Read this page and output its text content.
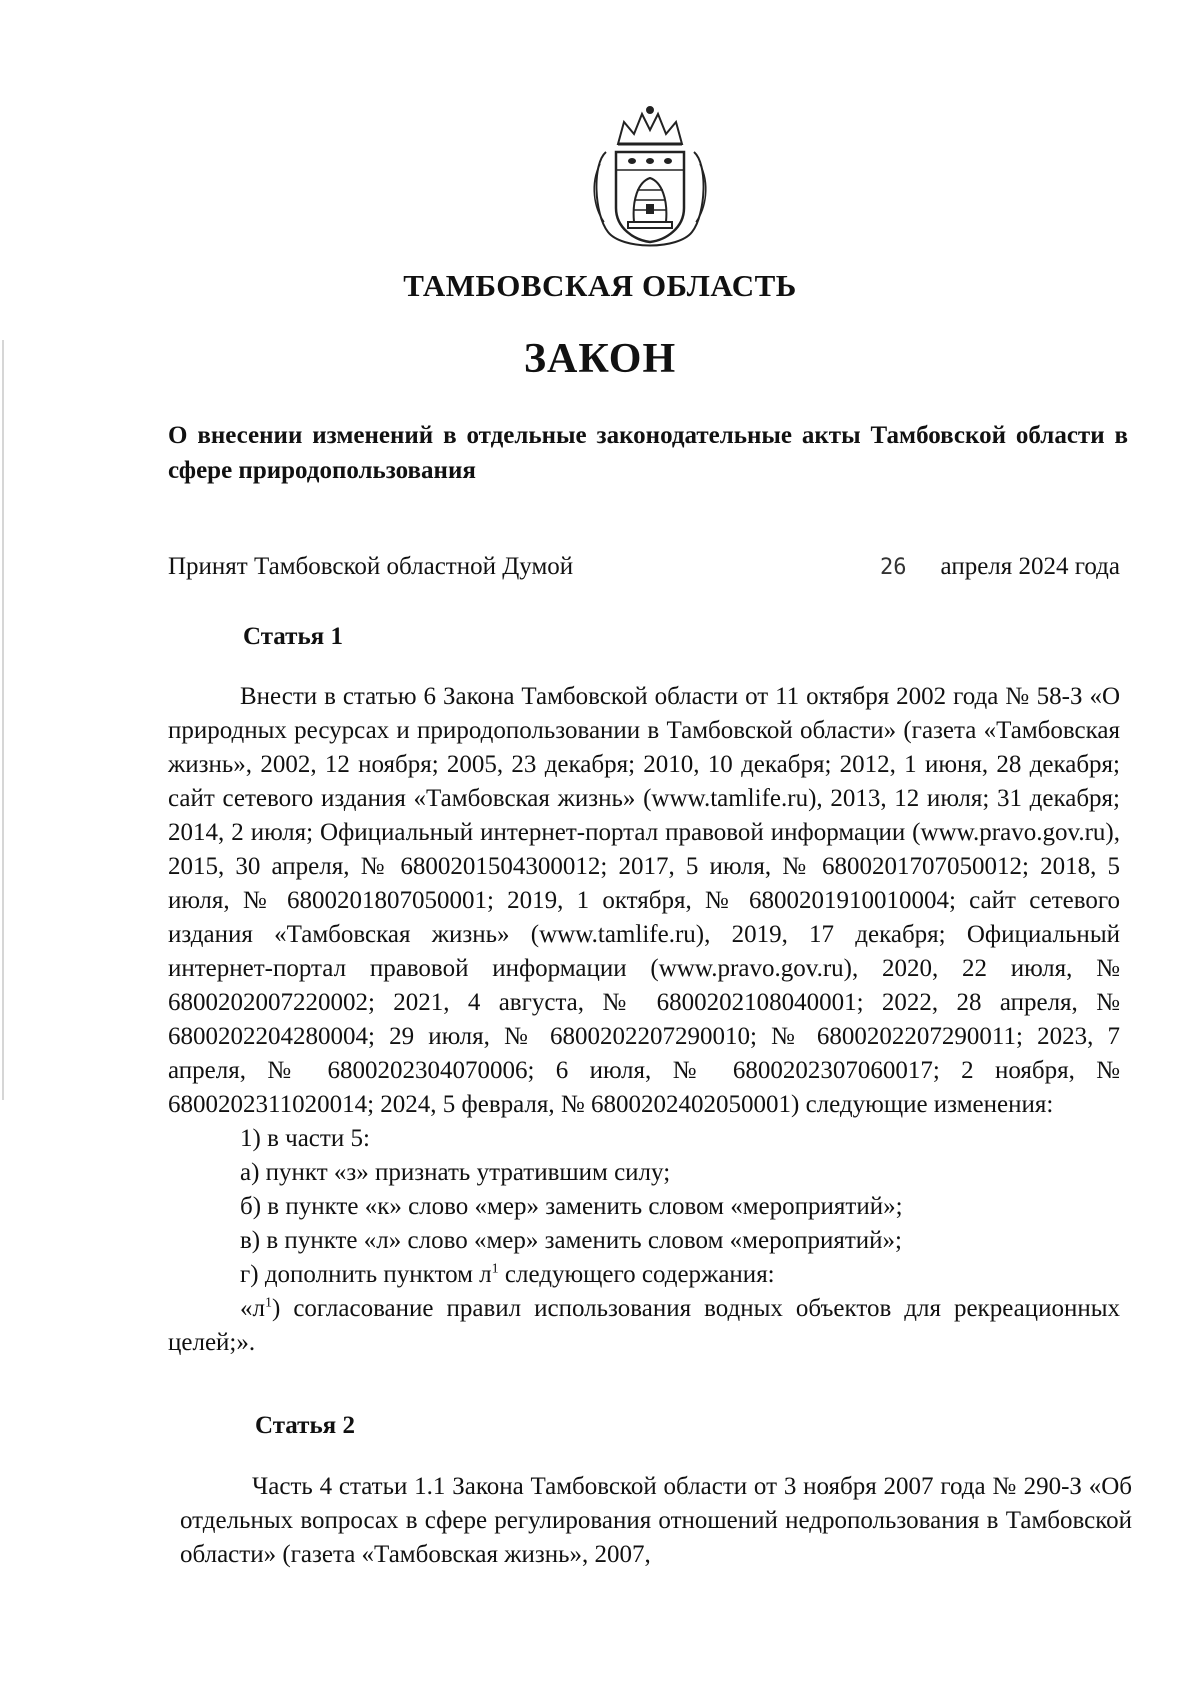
ТАМБОВСКАЯ ОБЛАСТЬ
ЗАКОН
О внесении изменений в отдельные законодательные акты Тамбовской области в сфере природопользования
Принят Тамбовской областной Думой	26 апреля 2024 года
Статья 1

Внести в статью 6 Закона Тамбовской области от 11 октября 2002 года № 58-З «О природных ресурсах и природопользовании в Тамбовской области» (газета «Тамбовская жизнь», 2002, 12 ноября; 2005, 23 декабря; 2010, 10 декабря; 2012, 1 июня, 28 декабря; сайт сетевого издания «Тамбовская жизнь» (www.tamlife.ru), 2013, 12 июля; 31 декабря; 2014, 2 июля; Официальный интернет-портал правовой информации (www.pravo.gov.ru), 2015, 30 апреля, № 6800201504300012; 2017, 5 июля, № 6800201707050012; 2018, 5 июля, № 6800201807050001; 2019, 1 октября, № 6800201910010004; сайт сетевого издания «Тамбовская жизнь» (www.tamlife.ru), 2019, 17 декабря; Официальный интернет-портал правовой информации (www.pravo.gov.ru), 2020, 22 июля, № 6800202007220002; 2021, 4 августа, № 6800202108040001; 2022, 28 апреля, № 6800202204280004; 29 июля, № 6800202207290010; № 6800202207290011; 2023, 7 апреля, № 6800202304070006; 6 июля, № 6800202307060017; 2 ноября, № 6800202311020014; 2024, 5 февраля, № 6800202402050001) следующие изменения:

1) в части 5:

а) пункт «з» признать утратившим силу;

б) в пункте «к» слово «мер» заменить словом «мероприятий»;

в) в пункте «л» слово «мер» заменить словом «мероприятий»;

г) дополнить пунктом $л^1$ следующего содержания:

«$л^1$) согласование правил использования водных объектов для рекреационных целей;».

Статья 2

Часть 4 статьи 1.1 Закона Тамбовской области от 3 ноября 2007 года № 290-З «Об отдельных вопросах в сфере регулирования отношений недропользования в Тамбовской области» (газета «Тамбовская жизнь», 2007,
